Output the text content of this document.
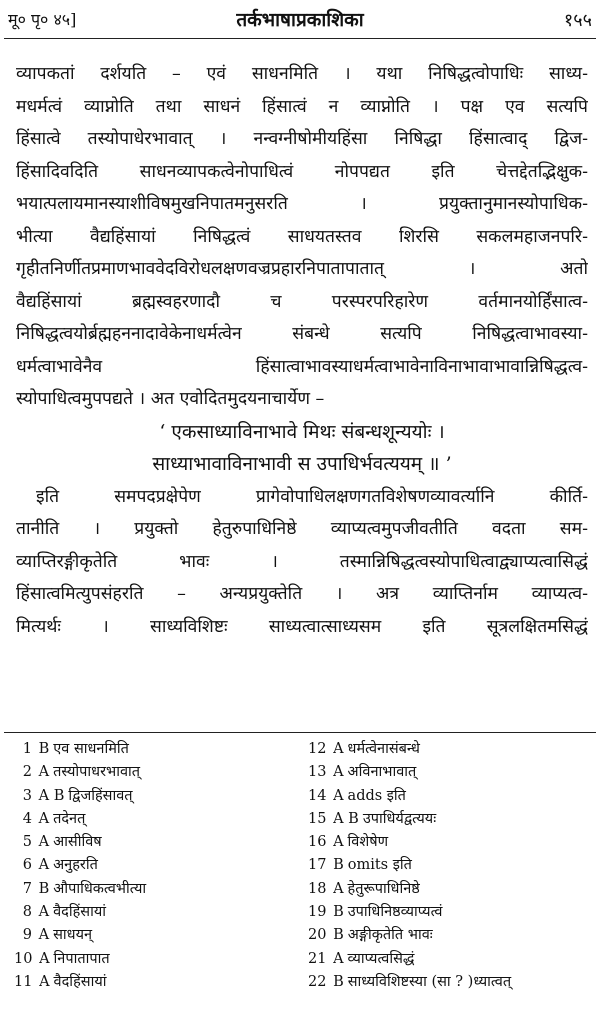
मू० पृ० ४५]	तर्कभाषाप्रकाशिका	१५५
व्यापकतां दर्शयति – एवं साधनमिति । यथा निषिद्धत्वोपाधिः साध्य-
मधर्मत्वं व्याप्नोति तथा साधनं हिंसात्वं न व्याप्नोति । पक्ष एव सत्यपि
हिंसात्वे तस्योपाधेरभावात् । नन्वग्नीषोमीयहिंसा निषिद्धा हिंसात्वाद् द्विज-
हिंसादिवदिति साधनव्यापकत्वेनोपाधित्वं नोपपद्यत इति चेत्तद्देतद्भिक्षुक-
भयात्पलायमानस्याशीविषमुखनिपातमनुसरति । प्रयुक्तानुमानस्योपाधिक-
भीत्या वैद्यहिंसायां निषिद्धत्वं साधयतस्तव शिरसि सकलमहाजनपरि-
गृहीतनिर्णीतप्रमाणभाववेदविरोधलक्षणवज्रप्रहारनिपातापातात् । अतो
वैद्यहिंसायां ब्रह्मस्वहरणादौ च परस्परपरिहारेण वर्तमानयोर्हिंसात्व-
निषिद्धत्वयोर्ब्रह्महननादावेकेनाधर्मत्वेन संबन्धे सत्यपि निषिद्धत्वाभावस्या-
धर्मत्वाभावेनैव हिंसात्वाभावस्याधर्मत्वाभावेनाविनाभावाभावान्निषिद्धत्व-
स्योपाधित्वमुपपद्यते । अत एवोदितमुदयनाचार्येण –
‘ एकसाध्याविनाभावे मिथः संबन्धशून्ययोः ।
साध्याभावाविनाभावी स उपाधिर्भवत्ययम् ॥ ’
इति समपदप्रक्षेपेण प्रागेवोपाधिलक्षणगतविशेषणव्यावर्त्यानि कीर्ति-
तानीति । प्रयुक्तो हेतुरुपाधिनिष्ठे व्याप्यत्वमुपजीवतीति वदता सम-
व्याप्तिरङ्गीकृतेति भावः । तस्मान्निषिद्धत्वस्योपाधित्वाद्व्याप्यत्वासिद्धं
हिंसात्वमित्युपसंहरति – अन्यप्रयुक्तेति । अत्र व्याप्तिर्नाम व्याप्यत्व-
मित्यर्थः । साध्यविशिष्टः साध्यत्वात्साध्यसम इति सूत्रलक्षितमसिद्धं
1 B एव साधनमिति
2 A तस्योपाधरभावात्
3 A B द्विजहिंसावत्
4 A तदेनत्
5 A आसीविष
6 A अनुहरति
7 B औपाधिकत्वभीत्या
8 A वैदहिंसायां
9 A साधयन्
10 A निपातापात
11 A वैदहिंसायां
12 A धर्मत्वेनासंबन्धे
13 A अविनाभावात्
14 A adds इति
15 A B उपाधिर्यद्वत्ययः
16 A विशेषेण
17 B omits इति
18 A हेतुरूपाधिनिष्ठे
19 B उपाधिनिष्ठव्याप्यत्वं
20 B अङ्गीकृतेति भावः
21 A व्याप्यत्वसिद्धं
22 B साध्यविशिष्टस्या (सा ? )ध्यात्वत्
